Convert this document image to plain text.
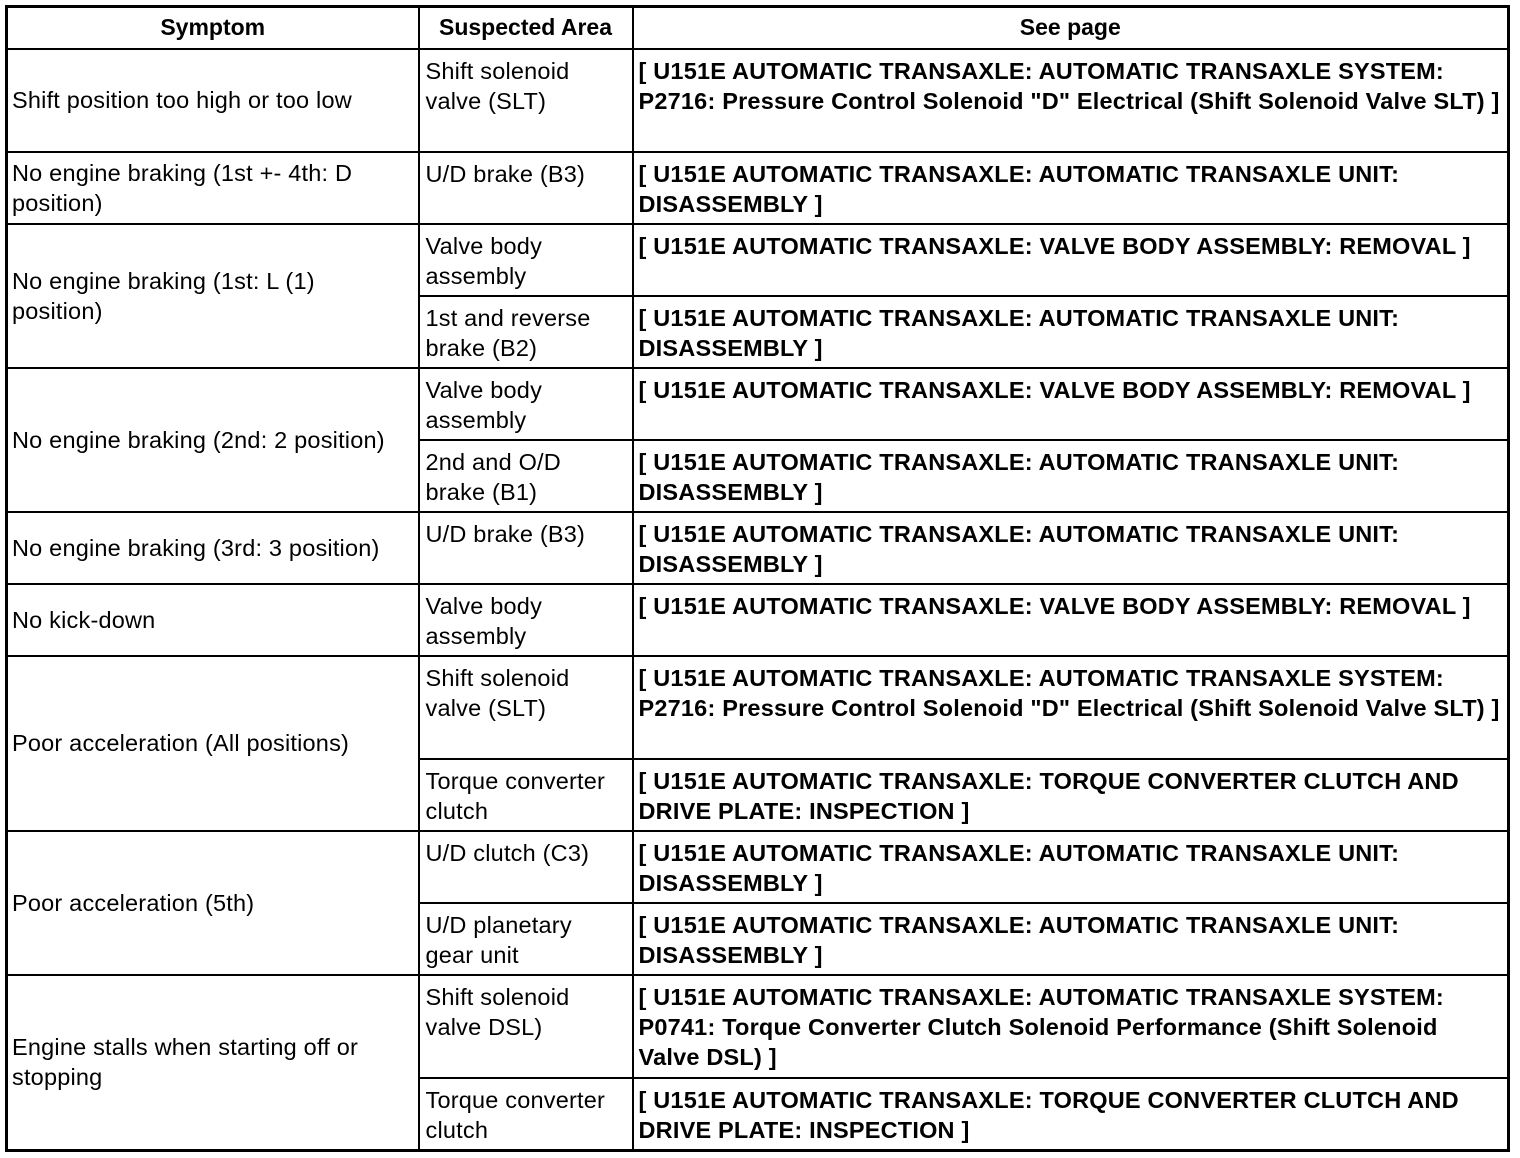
Symptom	Suspected Area	See page
Shift position too high or too low	Shift solenoid valve (SLT)	[ U151E AUTOMATIC TRANSAXLE: AUTOMATIC TRANSAXLE SYSTEM: P2716: Pressure Control Solenoid "D" Electrical (Shift Solenoid Valve SLT) ]
No engine braking (1st +- 4th: D position)	U/D brake (B3)	[ U151E AUTOMATIC TRANSAXLE: AUTOMATIC TRANSAXLE UNIT: DISASSEMBLY ]
No engine braking (1st: L (1) position)	Valve body assembly	[ U151E AUTOMATIC TRANSAXLE: VALVE BODY ASSEMBLY: REMOVAL ]
	1st and reverse brake (B2)	[ U151E AUTOMATIC TRANSAXLE: AUTOMATIC TRANSAXLE UNIT: DISASSEMBLY ]
No engine braking (2nd: 2 position)	Valve body assembly	[ U151E AUTOMATIC TRANSAXLE: VALVE BODY ASSEMBLY: REMOVAL ]
	2nd and O/D brake (B1)	[ U151E AUTOMATIC TRANSAXLE: AUTOMATIC TRANSAXLE UNIT: DISASSEMBLY ]
No engine braking (3rd: 3 position)	U/D brake (B3)	[ U151E AUTOMATIC TRANSAXLE: AUTOMATIC TRANSAXLE UNIT: DISASSEMBLY ]
No kick-down	Valve body assembly	[ U151E AUTOMATIC TRANSAXLE: VALVE BODY ASSEMBLY: REMOVAL ]
Poor acceleration (All positions)	Shift solenoid valve (SLT)	[ U151E AUTOMATIC TRANSAXLE: AUTOMATIC TRANSAXLE SYSTEM: P2716: Pressure Control Solenoid "D" Electrical (Shift Solenoid Valve SLT) ]
	Torque converter clutch	[ U151E AUTOMATIC TRANSAXLE: TORQUE CONVERTER CLUTCH AND DRIVE PLATE: INSPECTION ]
Poor acceleration (5th)	U/D clutch (C3)	[ U151E AUTOMATIC TRANSAXLE: AUTOMATIC TRANSAXLE UNIT: DISASSEMBLY ]
	U/D planetary gear unit	[ U151E AUTOMATIC TRANSAXLE: AUTOMATIC TRANSAXLE UNIT: DISASSEMBLY ]
Engine stalls when starting off or stopping	Shift solenoid valve DSL)	[ U151E AUTOMATIC TRANSAXLE: AUTOMATIC TRANSAXLE SYSTEM: P0741: Torque Converter Clutch Solenoid Performance (Shift Solenoid Valve DSL) ]
	Torque converter clutch	[ U151E AUTOMATIC TRANSAXLE: TORQUE CONVERTER CLUTCH AND DRIVE PLATE: INSPECTION ]
